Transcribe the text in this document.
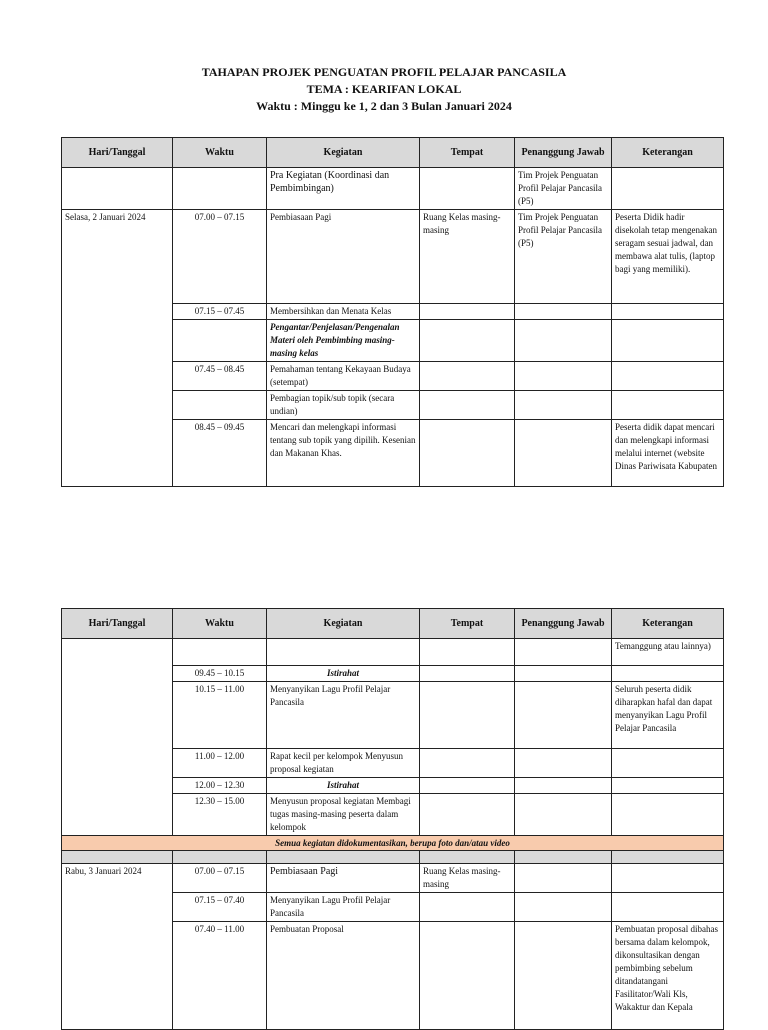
TAHAPAN PROJEK PENGUATAN PROFIL PELAJAR PANCASILA
TEMA : KEARIFAN LOKAL
Waktu : Minggu ke 1, 2 dan 3 Bulan Januari 2024
Hari/Tanggal	Waktu	Kegiatan	Tempat	Penanggung Jawab	Keterangan
		Pra Kegiatan (Koordinasi dan Pembimbingan)		Tim Projek Penguatan Profil Pelajar Pancasila (P5)	
Selasa, 2 Januari 2024	07.00 – 07.15	Pembiasaan Pagi	Ruang Kelas masing-masing	Tim Projek Penguatan Profil Pelajar Pancasila (P5)	Peserta Didik hadir disekolah tetap mengenakan seragam sesuai jadwal, dan membawa alat tulis, (laptop bagi yang memiliki).
	07.15 – 07.45	Membersihkan dan Menata Kelas			
		Pengantar/Penjelasan/Pengenalan Materi oleh Pembimbing masing-masing kelas			
	07.45 – 08.45	Pemahaman tentang Kekayaan Budaya (setempat)			
		Pembagian topik/sub topik (secara undian)			
	08.45 – 09.45	Mencari dan melengkapi informasi tentang sub topik yang dipilih. Kesenian dan Makanan Khas.			Peserta didik dapat mencari dan melengkapi informasi melalui internet (website Dinas Pariwisata Kabupaten
Hari/Tanggal	Waktu	Kegiatan	Tempat	Penanggung Jawab	Keterangan
					Temanggung atau lainnya)
	09.45 – 10.15	Istirahat			
	10.15 – 11.00	Menyanyikan Lagu Profil Pelajar Pancasila			Seluruh peserta didik diharapkan hafal dan dapat menyanyikan Lagu Profil Pelajar Pancasila
	11.00 – 12.00	Rapat kecil per kelompok Menyusun proposal kegiatan			
	12.00 – 12.30	Istirahat			
	12.30 – 15.00	Menyusun proposal kegiatan Membagi tugas masing-masing peserta dalam kelompok			
Semua kegiatan didokumentasikan, berupa foto dan/atau video					

Rabu, 3 Januari 2024	07.00 – 07.15	Pembiasaan Pagi	Ruang Kelas masing-masing		
	07.15 – 07.40	Menyanyikan Lagu Profil Pelajar Pancasila			
	07.40 – 11.00	Pembuatan Proposal			Pembuatan proposal dibahas bersama dalam kelompok, dikonsultasikan dengan pembimbing sebelum ditandatangani Fasilitator/Wali Kls, Wakaktur dan Kepala
